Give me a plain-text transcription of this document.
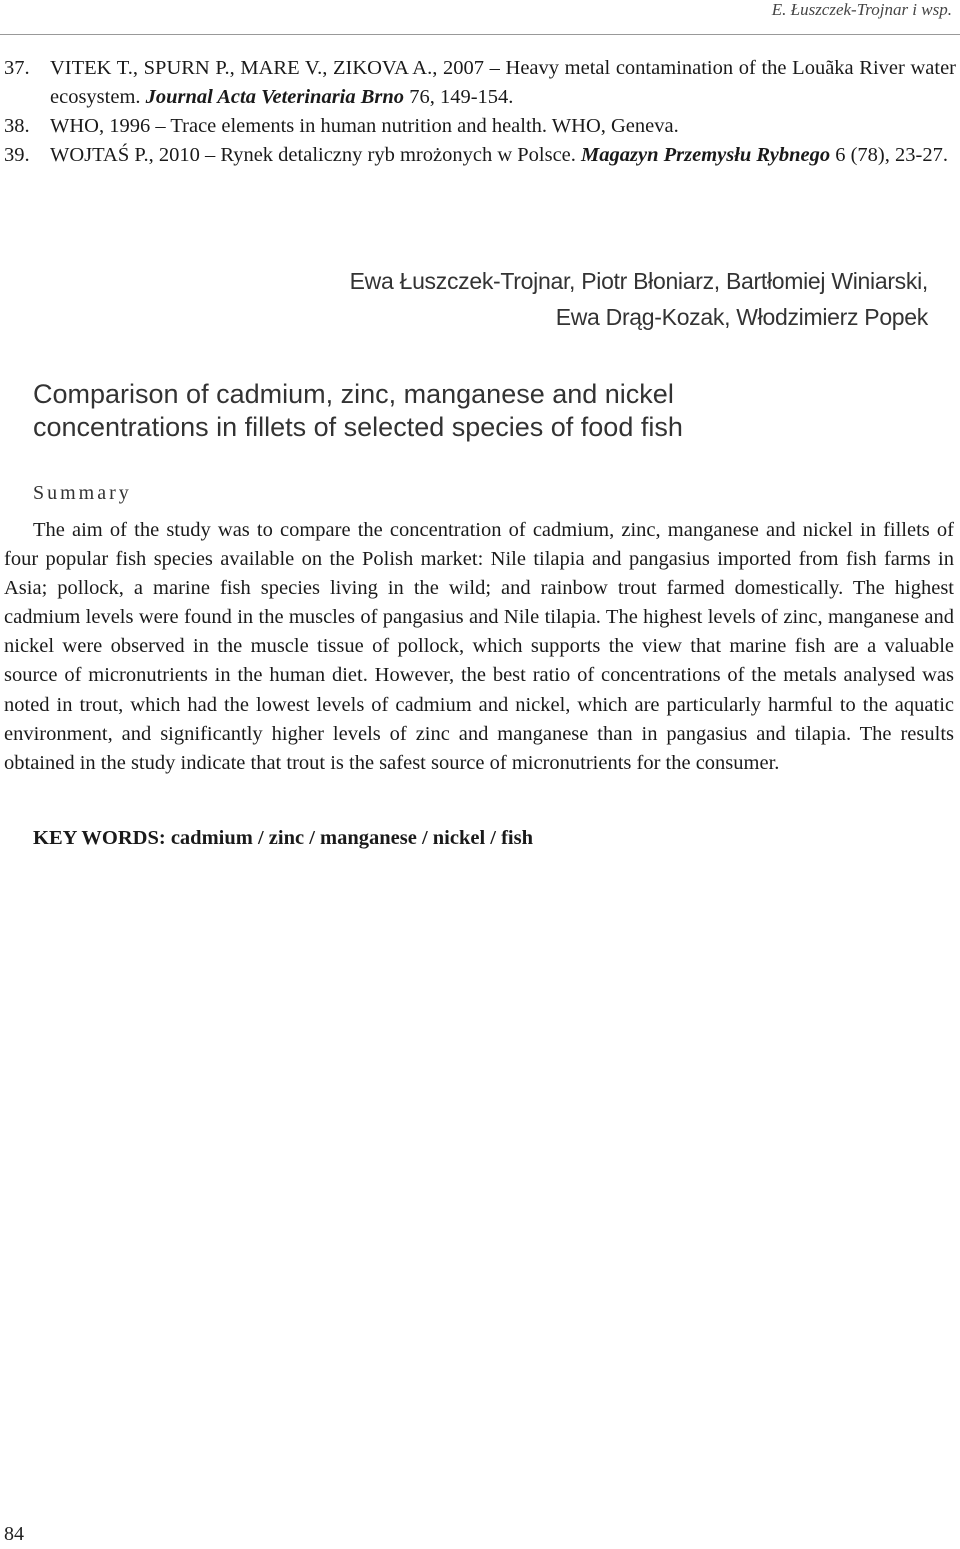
E. Łuszczek-Trojnar i wsp.

37. VITEK T., SPURN P., MARE V., ZIKOVA A., 2007 – Heavy metal contamination of the Louãka River water ecosystem. Journal Acta Veterinaria Brno 76, 149-154.

38. WHO, 1996 – Trace elements in human nutrition and health. WHO, Geneva.

39. WOJTAŚ P., 2010 – Rynek detaliczny ryb mrożonych w Polsce. Magazyn Przemysłu Rybnego 6 (78), 23-27.

Ewa Łuszczek-Trojnar, Piotr Błoniarz, Bartłomiej Winiarski,
Ewa Drąg-Kozak, Włodzimierz Popek
Comparison of cadmium, zinc, manganese and nickel
concentrations in fillets of selected species of food fish
Summary

The aim of the study was to compare the concentration of cadmium, zinc, manganese and nickel in fillets of four popular fish species available on the Polish market: Nile tilapia and pangasius imported from fish farms in Asia; pollock, a marine fish species living in the wild; and rainbow trout farmed domestically. The highest cadmium levels were found in the muscles of pangasius and Nile tilapia. The highest levels of zinc, manganese and nickel were observed in the muscle tissue of pollock, which supports the view that marine fish are a valuable source of micronutrients in the human diet. However, the best ratio of concentrations of the metals analysed was noted in trout, which had the lowest levels of cadmium and nickel, which are particularly harmful to the aquatic environment, and significantly higher levels of zinc and manganese than in pangasius and tilapia. The results obtained in the study indicate that trout is the safest source of micronutrients for the consumer.

KEY WORDS: cadmium / zinc / manganese / nickel / fish

84
